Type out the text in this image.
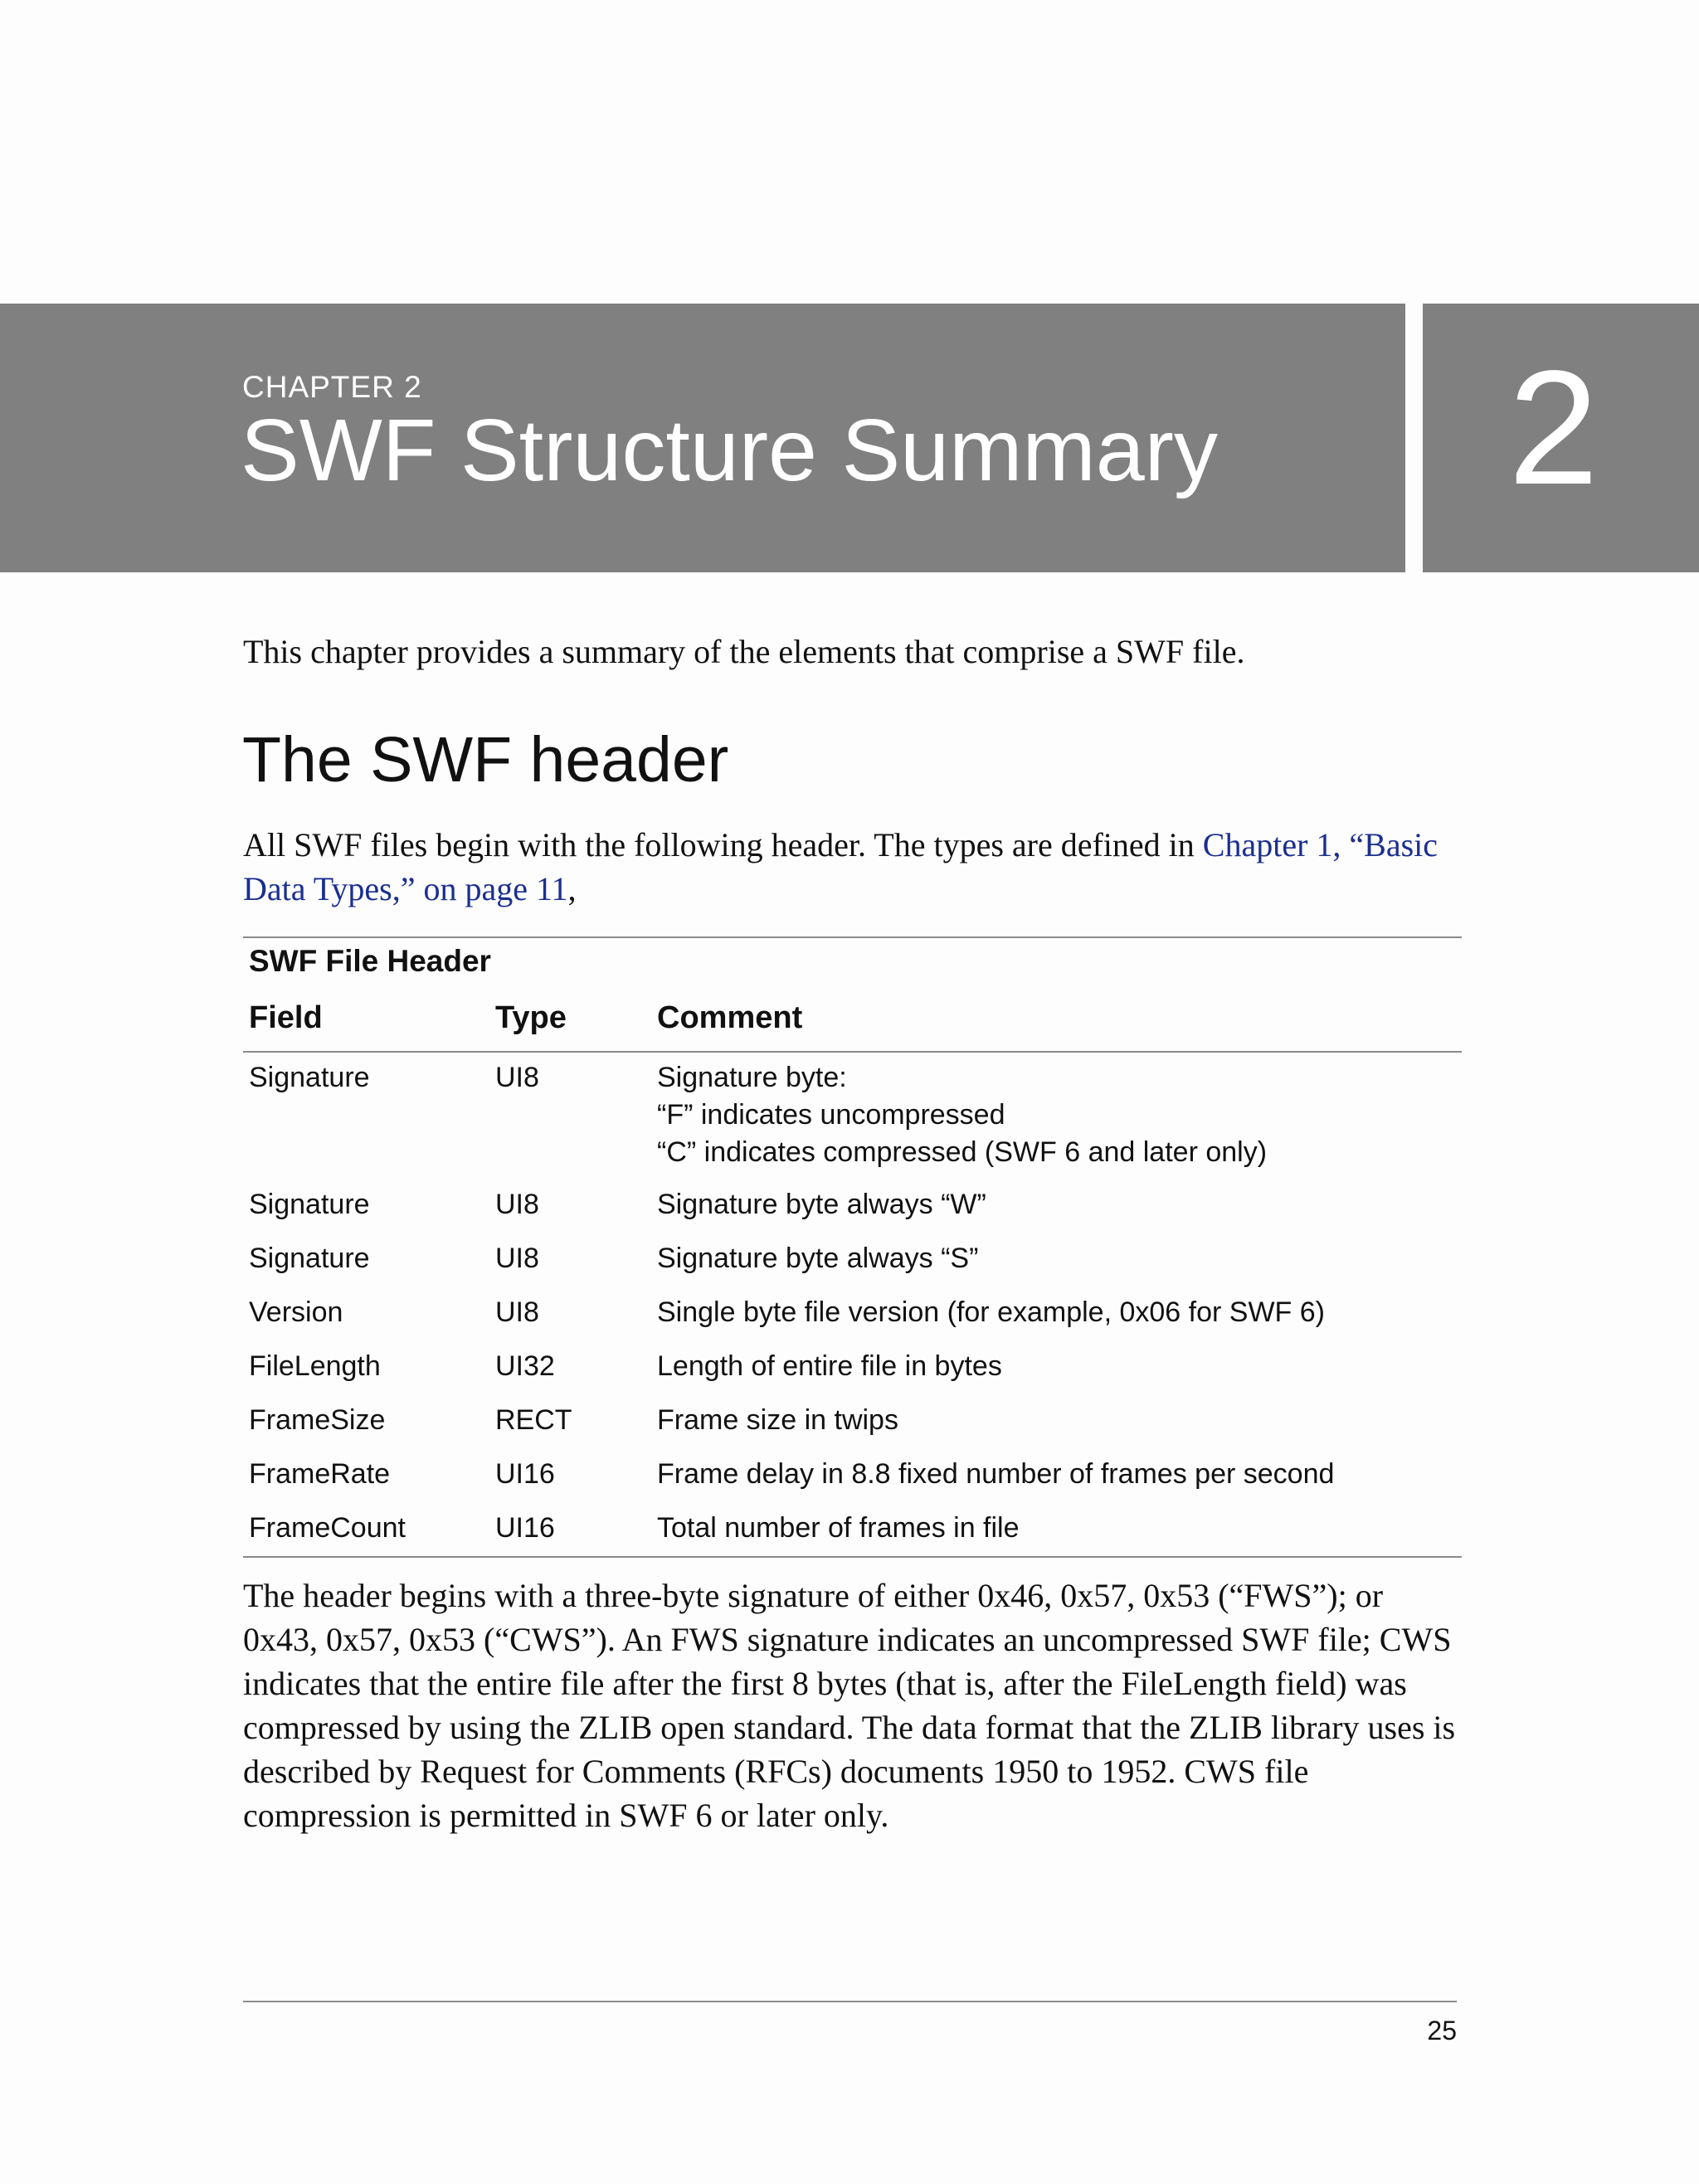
CHAPTER 2
SWF Structure Summary 2
This chapter provides a summary of the elements that comprise a SWF file.
The SWF header
All SWF files begin with the following header. The types are defined in Chapter 1, “Basic Data Types,” on page 11,
SWF File Header
Field	Type	Comment
Signature	UI8	Signature byte:
“F” indicates uncompressed
“C” indicates compressed (SWF 6 and later only)
Signature	UI8	Signature byte always “W”
Signature	UI8	Signature byte always “S”
Version	UI8	Single byte file version (for example, 0x06 for SWF 6)
FileLength	UI32	Length of entire file in bytes
FrameSize	RECT	Frame size in twips
FrameRate	UI16	Frame delay in 8.8 fixed number of frames per second
FrameCount	UI16	Total number of frames in file
The header begins with a three-byte signature of either 0x46, 0x57, 0x53 (“FWS”); or 0x43, 0x57, 0x53 (“CWS”). An FWS signature indicates an uncompressed SWF file; CWS indicates that the entire file after the first 8 bytes (that is, after the FileLength field) was compressed by using the ZLIB open standard. The data format that the ZLIB library uses is described by Request for Comments (RFCs) documents 1950 to 1952. CWS file compression is permitted in SWF 6 or later only.
25
